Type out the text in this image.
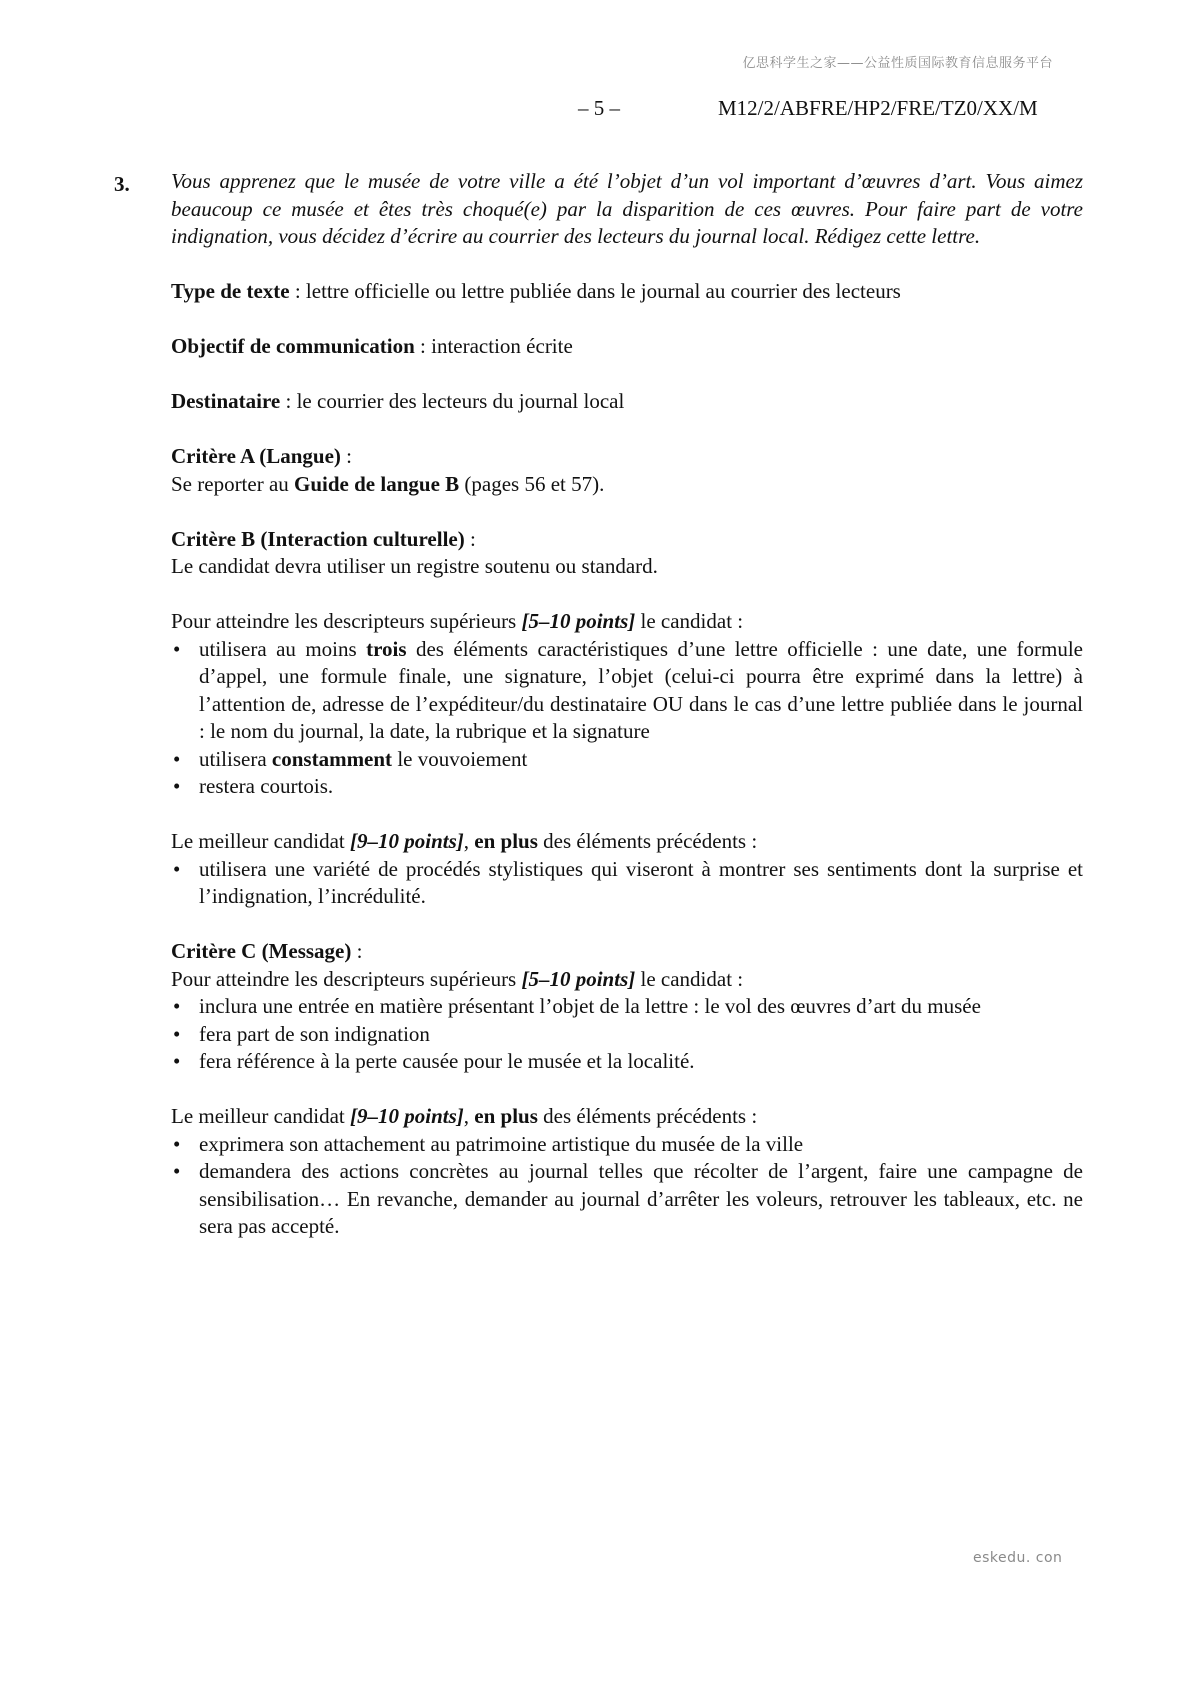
亿思科学生之家——公益性质国际教育信息服务平台
– 5 –	M12/2/ABFRE/HP2/FRE/TZ0/XX/M
3. Vous apprenez que le musée de votre ville a été l’objet d’un vol important d’œuvres d’art. Vous aimez beaucoup ce musée et êtes très choqué(e) par la disparition de ces œuvres. Pour faire part de votre indignation, vous décidez d’écrire au courrier des lecteurs du journal local. Rédigez cette lettre.

Type de texte : lettre officielle ou lettre publiée dans le journal au courrier des lecteurs

Objectif de communication : interaction écrite

Destinataire : le courrier des lecteurs du journal local

Critère A (Langue) :

Se reporter au Guide de langue B (pages 56 et 57).

Critère B (Interaction culturelle) :

Le candidat devra utiliser un registre soutenu ou standard.

Pour atteindre les descripteurs supérieurs [5–10 points] le candidat :

• utilisera au moins trois des éléments caractéristiques d’une lettre officielle : une date, une formule d’appel, une formule finale, une signature, l’objet (celui-ci pourra être exprimé dans la lettre) à l’attention de, adresse de l’expéditeur/du destinataire OU dans le cas d’une lettre publiée dans le journal : le nom du journal, la date, la rubrique et la signature
• utilisera constamment le vouvoiement
• restera courtois.

Le meilleur candidat [9–10 points], en plus des éléments précédents :

• utilisera une variété de procédés stylistiques qui viseront à montrer ses sentiments dont la surprise et l’indignation, l’incrédulité.

Critère C (Message) :

Pour atteindre les descripteurs supérieurs [5–10 points] le candidat :

• inclura une entrée en matière présentant l’objet de la lettre : le vol des œuvres d’art du musée
• fera part de son indignation
• fera référence à la perte causée pour le musée et la localité.

Le meilleur candidat [9–10 points], en plus des éléments précédents :

• exprimera son attachement au patrimoine artistique du musée de la ville
• demandera des actions concrètes au journal telles que récolter de l’argent, faire une campagne de sensibilisation… En revanche, demander au journal d’arrêter les voleurs, retrouver les tableaux, etc. ne sera pas accepté.
eskedu. con
